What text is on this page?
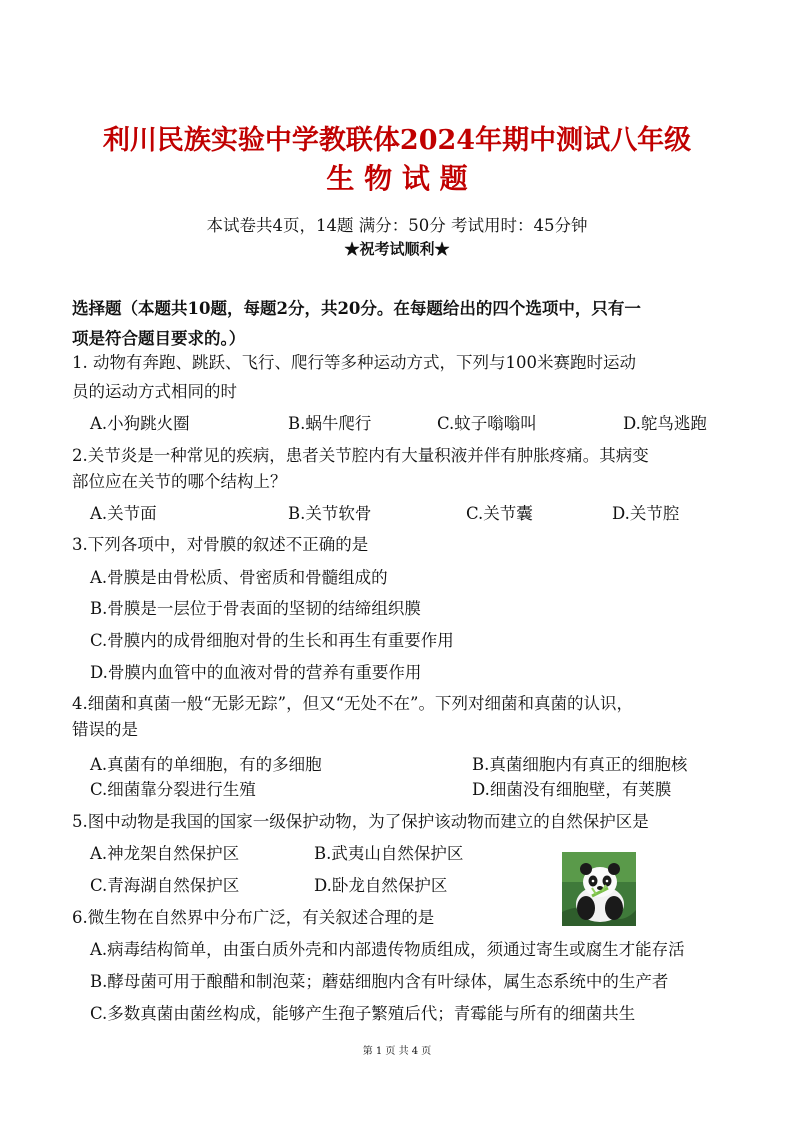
利川民族实验中学教联体2024年期中测试八年级
生 物 试 题
本试卷共4页，14题 满分：50分 考试用时：45分钟
★祝考试顺利★
选择题（本题共10题，每题2分，共20分。在每题给出的四个选项中，只有一
项是符合题目要求的。）
1. 动物有奔跑、跳跃、飞行、爬行等多种运动方式，下列与100米赛跑时运动
员的运动方式相同的时
A.小狗跳火圈	B.蜗牛爬行	C.蚊子嗡嗡叫	D.鸵鸟逃跑
2.关节炎是一种常见的疾病，患者关节腔内有大量积液并伴有肿胀疼痛。其病变
部位应在关节的哪个结构上？
A.关节面	B.关节软骨	C.关节囊	D.关节腔
3.下列各项中，对骨膜的叙述不正确的是
A.骨膜是由骨松质、骨密质和骨髓组成的
B.骨膜是一层位于骨表面的坚韧的结缔组织膜
C.骨膜内的成骨细胞对骨的生长和再生有重要作用
D.骨膜内血管中的血液对骨的营养有重要作用
4.细菌和真菌一般“无影无踪”，但又“无处不在”。下列对细菌和真菌的认识，
错误的是
A.真菌有的单细胞，有的多细胞	B.真菌细胞内有真正的细胞核
C.细菌靠分裂进行生殖	D.细菌没有细胞壁，有荚膜
5.图中动物是我国的国家一级保护动物，为了保护该动物而建立的自然保护区是
A.神龙架自然保护区	B.武夷山自然保护区
C.青海湖自然保护区	D.卧龙自然保护区
6.微生物在自然界中分布广泛，有关叙述合理的是
A.病毒结构简单，由蛋白质外壳和内部遗传物质组成，须通过寄生或腐生才能存活
B.酵母菌可用于酿醋和制泡菜；蘑菇细胞内含有叶绿体，属生态系统中的生产者
C.多数真菌由菌丝构成，能够产生孢子繁殖后代；青霉能与所有的细菌共生
第 1 页 共 4 页
